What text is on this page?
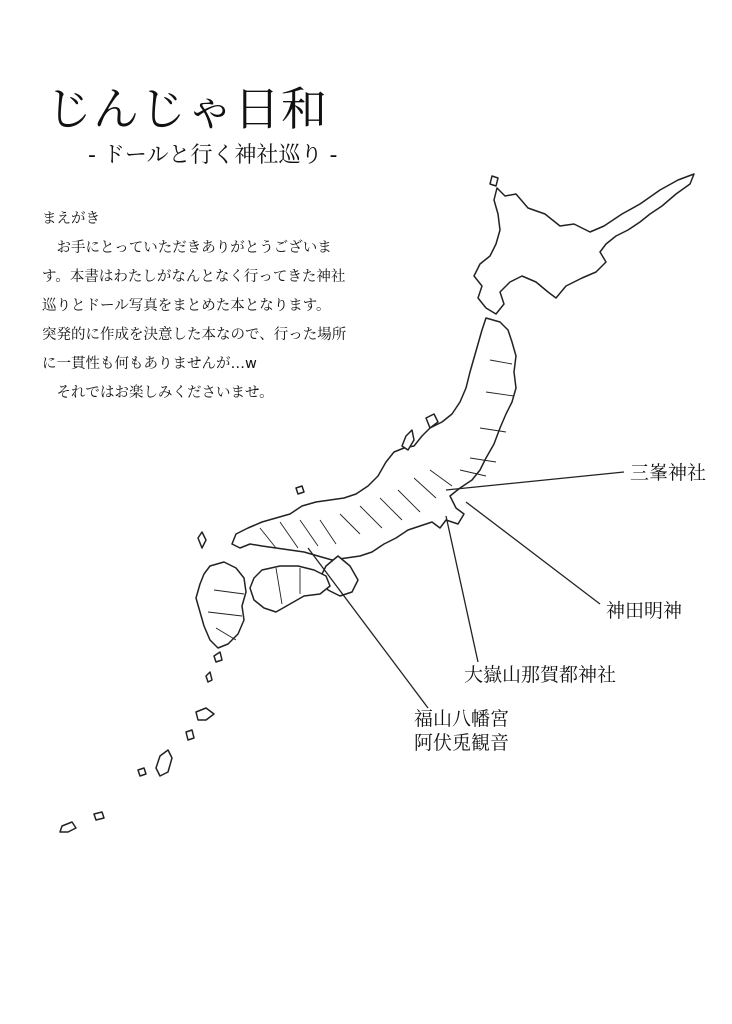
じんじゃ日和
- ドールと行く神社巡り -
まえがき
　お手にとっていただきありがとうございま
す。本書はわたしがなんとなく行ってきた神社
巡りとドール写真をまとめた本となります。
突発的に作成を決意した本なので、行った場所
に一貫性も何もありませんが…w
　それではお楽しみくださいませ。
三峯神社
神田明神
大嶽山那賀都神社
福山八幡宮
阿伏兎観音
